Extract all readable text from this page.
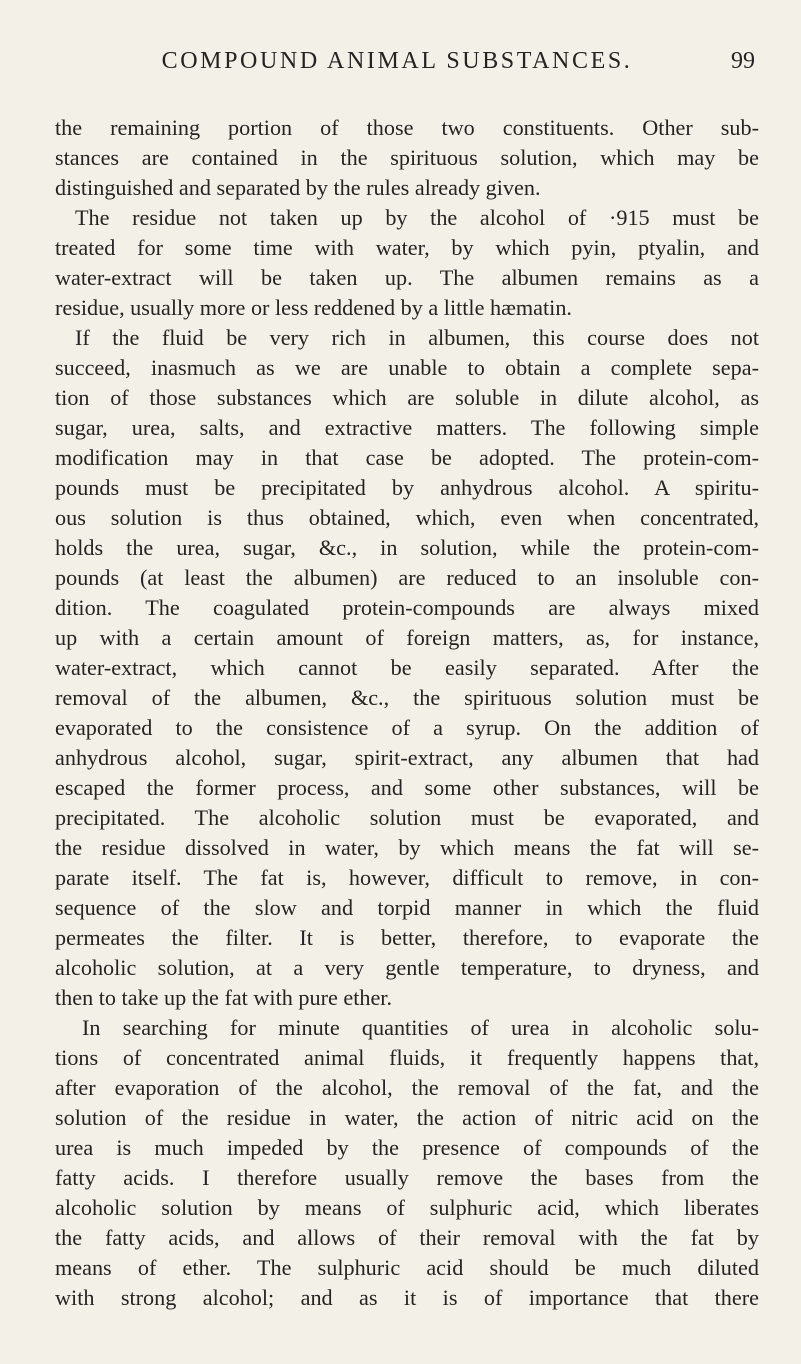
COMPOUND ANIMAL SUBSTANCES.	99
the remaining portion of those two constituents. Other sub-
stances are contained in the spirituous solution, which may be
distinguished and separated by the rules already given.
The residue not taken up by the alcohol of ·915 must be
treated for some time with water, by which pyin, ptyalin, and
water-extract will be taken up. The albumen remains as a
residue, usually more or less reddened by a little hæmatin.
If the fluid be very rich in albumen, this course does not
succeed, inasmuch as we are unable to obtain a complete sepa-
tion of those substances which are soluble in dilute alcohol, as
sugar, urea, salts, and extractive matters. The following simple
modification may in that case be adopted. The protein-com-
pounds must be precipitated by anhydrous alcohol. A spiritu-
ous solution is thus obtained, which, even when concentrated,
holds the urea, sugar, &c., in solution, while the protein-com-
pounds (at least the albumen) are reduced to an insoluble con-
dition. The coagulated protein-compounds are always mixed
up with a certain amount of foreign matters, as, for instance,
water-extract, which cannot be easily separated. After the
removal of the albumen, &c., the spirituous solution must be
evaporated to the consistence of a syrup. On the addition of
anhydrous alcohol, sugar, spirit-extract, any albumen that had
escaped the former process, and some other substances, will be
precipitated. The alcoholic solution must be evaporated, and
the residue dissolved in water, by which means the fat will se-
parate itself. The fat is, however, difficult to remove, in con-
sequence of the slow and torpid manner in which the fluid
permeates the filter. It is better, therefore, to evaporate the
alcoholic solution, at a very gentle temperature, to dryness, and
then to take up the fat with pure ether.
In searching for minute quantities of urea in alcoholic solu-
tions of concentrated animal fluids, it frequently happens that,
after evaporation of the alcohol, the removal of the fat, and the
solution of the residue in water, the action of nitric acid on the
urea is much impeded by the presence of compounds of the
fatty acids. I therefore usually remove the bases from the
alcoholic solution by means of sulphuric acid, which liberates
the fatty acids, and allows of their removal with the fat by
means of ether. The sulphuric acid should be much diluted
with strong alcohol; and as it is of importance that there
